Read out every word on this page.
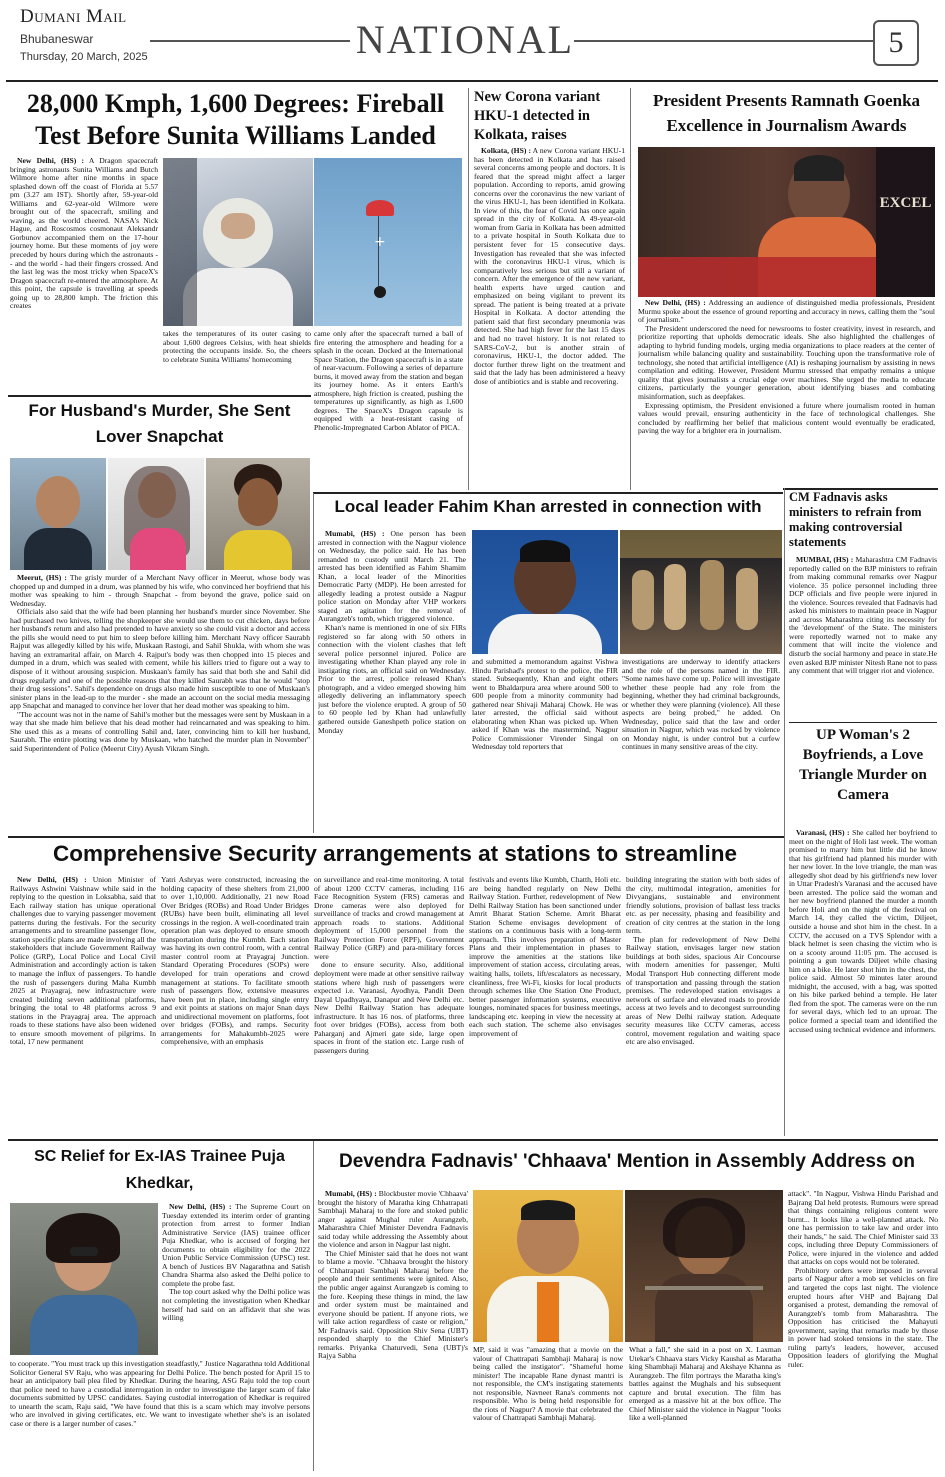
Dumani Mail
Bhubaneswar
Thursday, 20 March, 2025	NATIONAL	5
28,000 Kmph, 1,600 Degrees: Fireball Test Before Sunita Williams Landed

New Delhi, (HS) : A Dragon spacecraft bringing astronauts Sunita Williams and Butch Wilmore home after nine months in space splashed down off the coast of Florida at 5.57 pm (3.27 am IST). Shortly after, 59-year-old Williams and 62-year-old Wilmore were brought out of the spacecraft, smiling and waving, as the world cheered. NASA's Nick Hague, and Roscosmos cosmonaut Aleksandr Gorbunov accompanied them on the 17-hour journey home. But these moments of joy were preceded by hours during which the astronauts -- and the world - had their fingers crossed. And the last leg was the most tricky when SpaceX's Dragon spacecraft re-entered the atmosphere. At this point, the capsule is travelling at speeds going up to 28,800 kmph. The friction this creates

+

takes the temperatures of its outer casing to about 1,600 degrees Celsius, with heat shields protecting the occupants inside. So, the cheers to celebrate Sunita Williams' homecoming

came only after the spacecraft turned a ball of fire entering the atmosphere and heading for a splash in the ocean. Docked at the International Space Station, the Dragon spacecraft is in a state of near-vacuum. Following a series of departure burns, it moved away from the station and began its journey home. As it enters Earth's atmosphere, high friction is created, pushing the temperatures up significantly, as high as 1,600 degrees. The SpaceX's Dragon capsule is equipped with a heat-resistant casing of Phenolic-Impregnated Carbon Ablator of PICA.

For Husband's Murder, She Sent Lover Snapchat

Meerut, (HS) : The grisly murder of a Merchant Navy officer in Meerut, whose body was chopped up and dumped in a drum, was planned by his wife, who convinced her boyfriend that his mother was speaking to him - through Snapchat - from beyond the grave, police said on Wednesday.

Officials also said that the wife had been planning her husband's murder since November. She had purchased two knives, telling the shopkeeper she would use them to cut chicken, days before her husband's return and also had pretended to have anxiety so she could visit a doctor and access the pills she would need to put him to sleep before killing him. Merchant Navy officer Saurabh Rajput was allegedly killed by his wife, Muskaan Rastogi, and Sahil Shukla, with whom she was having an extramarital affair, on March 4. Rajput's body was then chopped into 15 pieces and dumped in a drum, which was sealed with cement, while his killers tried to figure out a way to dispose of it without arousing suspicion. Muskaan's family has said that both she and Sahil did drugs regularly and one of the possible reasons that they killed Saurabh was that he would "stop their drug sessions". Sahil's dependence on drugs also made him susceptible to one of Muskaan's sinister plans in the lead-up to the murder - she made an account on the social media messaging app Snapchat and managed to convince her lover that her dead mother was speaking to him.

"The account was not in the name of Sahil's mother but the messages were sent by Muskaan in a way that she made him believe that his dead mother had reincarnated and was speaking to him. She used this as a means of controlling Sahil and, later, convincing him to kill her husband, Saurabh. The entire plotting was done by Muskaan, who hatched the murder plan in November" said Superintendent of Police (Meerut City) Ayush Vikram Singh.

New Corona variant HKU-1 detected in Kolkata, raises

Kolkata, (HS) : A new Corona variant HKU-1 has been detected in Kolkata and has raised several concerns among people and doctors. It is feared that the spread might affect a larger population. According to reports, amid growing concerns over the coronavirus the new variant of the virus HKU-1, has been identified in Kolkata. In view of this, the fear of Covid has once again spread in the city of Kolkata. A 49-year-old woman from Garia in Kolkata has been admitted to a private hospital in South Kolkata due to persistent fever for 15 consecutive days. Investigation has revealed that she was infected with the coronavirus HKU-1 virus, which is comparatively less serious but still a variant of concern. After the emergence of the new variant, health experts have urged caution and emphasized on being vigilant to prevent its spread. The patient is being treated at a private Hospital in Kolkata. A doctor attending the patient said that first secondary pneumonia was detected. She had high fever for the last 15 days and had no travel history. It is not related to SARS-CoV-2, but is another strain of coronavirus, HKU-1, the doctor added. The doctor further threw light on the treatment and said that the lady has been administered a heavy dose of antibiotics and is stable and recovering.

President Presents Ramnath Goenka
Excellence in Journalism Awards
EXCEL

New Delhi, (HS) : Addressing an audience of distinguished media professionals, President Murmu spoke about the essence of ground reporting and accuracy in news, calling them the "soul of journalism."

The President underscored the need for newsrooms to foster creativity, invest in research, and prioritize reporting that upholds democratic ideals. She also highlighted the challenges of adapting to hybrid funding models, urging media organizations to place readers at the center of journalism while balancing quality and sustainability. Touching upon the transformative role of technology, she noted that artificial intelligence (AI) is reshaping journalism by assisting in news compilation and editing. However, President Murmu stressed that empathy remains a unique quality that gives journalists a crucial edge over machines. She urged the media to educate citizens, particularly the younger generation, about identifying biases and combating misinformation, such as deepfakes.

Expressing optimism, the President envisioned a future where journalism rooted in human values would prevail, ensuring authenticity in the face of technological challenges. She concluded by reaffirming her belief that malicious content would eventually be eradicated, paving the way for a brighter era in journalism.

Local leader Fahim Khan arrested in connection with

Mumabi, (HS) : One person has been arrested in connection with the Nagpur violence on Wednesday, the police said. He has been remanded to custody until March 21. The arrested has been identified as Fahim Shamim Khan, a local leader of the Minorities Democratic Party (MDP). He been arrested for allegedly leading a protest outside a Nagpur police station on Monday after VHP workers staged an agitation for the removal of Aurangzeb's tomb, which triggered violence.

Khan's name is mentioned in one of six FIRs registered so far along with 50 others in connection with the violent clashes that left several police personnel injured. Police are investigating whether Khan played any role in instigating riots, an official said on Wednesday. Prior to the arrest, police released Khan's photograph, and a video emerged showing him allegedly delivering an inflammatory speech just before the violence erupted. A group of 50 to 60 people led by Khan had unlawfully gathered outside Ganeshpeth police station on Monday

and submitted a memorandum against Vishwa Hindu Parishad's protest to the police, the FIR stated. Subsequently, Khan and eight others went to Bhaldarpura area where around 500 to 600 people from a minority community had gathered near Shivaji Maharaj Chowk. He was later arrested, the official said without elaborating when Khan was picked up. When asked if Khan was the mastermind, Nagpur Police Commissioner Virender Singal on Wednesday told reporters that

investigations are underway to identify attackers and the role of the persons named in the FIR. "Some names have come up. Police will investigate whether these people had any role from the beginning, whether they had criminal backgrounds, or whether they were planning (violence). All these aspects are being probed," he added. On Wednesday, police said that the law and order situation in Nagpur, which was rocked by violence on Monday night, is under control but a curfew continues in many sensitive areas of the city.

CM Fadnavis asks ministers to refrain from making controversial statements

MUMBAI, (HS) : Maharashtra CM Fadnavis reportedly called on the BJP ministers to refrain from making communal remarks over Nagpur violence. 35 police personnel including three DCP officials and five people were injured in the violence. Sources revealed that Fadnavis had asked his ministers to maintain peace in Nagpur and across Maharashtra citing its necessity for the 'development' of the State. The ministers were reportedly warned not to make any comment that will incite the violence and disturb the social harmony and peace in state.He even asked BJP minister Nitesh Rane not to pass any comment that will trigger riot and violence.

UP Woman's 2 Boyfriends, a Love Triangle Murder on Camera

Varanasi, (HS) : She called her boyfriend to meet on the night of Holi last week. The woman promised to marry him but little did he know that his girlfriend had planned his murder with her new lover. In the love triangle, the man was allegedly shot dead by his girlfriend's new lover in Uttar Pradesh's Varanasi and the accused have been arrested. The police said the woman and her new boyfriend planned the murder a month before Holi and on the night of the festival on March 14, they called the victim, Diljeet, outside a house and shot him in the chest. In a CCTV, the accused on a TVS Splendor with a black helmet is seen chasing the victim who is on a scooty around 11:05 pm. The accused is pointing a gun towards Diljeet while chasing him on a bike. He later shot him in the chest, the police said. Almost 50 minutes later around midnight, the accused, with a bag, was spotted on his bike parked behind a temple. He later fled from the spot. The cameras were on the run for several days, which led to an uproar. The police formed a special team and identified the accused using technical evidence and informers.

Comprehensive Security arrangements at stations to streamline

New Delhi, (HS) : Union Minister of Railways Ashwini Vaishnaw while said in the replying to the question in Loksabha, said that Each railway station has unique operational challenges due to varying passenger movement patterns during the festivals. For the security arrangements and to streamline passenger flow, station specific plans are made involving all the stakeholders that include Government Railway Police (GRP), Local Police and Local Civil Administration and accordingly action is taken to manage the influx of passengers. To handle the rush of passengers during Maha Kumbh 2025 at Prayagraj, new infrastructure were created building seven additional platforms, bringing the total to 48 platforms across 9 stations in the Prayagraj area. The approach roads to these stations have also been widened to ensure smooth movement of pilgrims. In total, 17 new permanent

Yatri Ashryas were constructed, increasing the holding capacity of these shelters from 21,000 to over 1,10,000. Additionally, 21 new Road Over Bridges (ROBs) and Road Under Bridges (RUBs) have been built, eliminating all level crossings in the region. A well-coordinated train operation plan was deployed to ensure smooth transportation during the Kumbh. Each station was having its own control room, with a central master control room at Prayagraj Junction. Standard Operating Procedures (SOPs) were developed for train operations and crowd management at stations. To facilitate smooth rush of passengers flow, extensive measures have been put in place, including single entry and exit points at stations on major Snan days and unidirectional movement on platforms, foot over bridges (FOBs), and ramps. Security arrangements for Mahakumbh-2025 were comprehensive, with an emphasis

on surveillance and real-time monitoring. A total of about 1200 CCTV cameras, including 116 Face Recognition System (FRS) cameras and Drone cameras were also deployed for surveillance of tracks and crowd management at approach roads to stations. Additional deployment of 15,000 personnel from the Railway Protection Force (RPF), Government Railway Police (GRP) and para-military forces were

done to ensure security. Also, additional deployment were made at other sensitive railway stations where high rush of passengers were expected i.e. Varanasi, Ayodhya, Pandit Deen Dayal Upadhyaya, Danapur and New Delhi etc. New Delhi Railway Station has adequate infrastructure. It has 16 nos. of platforms, three foot over bridges (FOBs), access from both Paharganj and Ajmeri gate side, large open spaces in front of the station etc. Large rush of passengers during

festivals and events like Kumbh, Chatth, Holi etc. are being handled regularly on New Delhi Railway Station. Further, redevelopment of New Delhi Railway Station has been sanctioned under Amrit Bharat Station Scheme. Amrit Bharat Station Scheme envisages development of stations on a continuous basis with a long-term approach. This involves preparation of Master Plans and their implementation in phases to improve the amenities at the stations like improvement of station access, circulating areas, waiting halls, toilets, lift/escalators as necessary, cleanliness, free Wi-Fi, kiosks for local products through schemes like One Station One Product, better passenger information systems, executive lounges, nominated spaces for business meetings, landscaping etc. keeping in view the necessity at each such station. The scheme also envisages improvement of

building integrating the station with both sides of the city, multimodal integration, amenities for Divyangjans, sustainable and environment friendly solutions, provision of ballast less tracks etc. as per necessity, phasing and feasibility and creation of city centres at the station in the long term.

The plan for redevelopment of New Delhi Railway station, envisages larger new station buildings at both sides, spacious Air Concourse with modern amenities for passenger, Multi Modal Transport Hub connecting different mode of transportation and passing through the station premises. The redeveloped station envisages a network of surface and elevated roads to provide access at two levels and to decongest surrounding areas of New Delhi railway station. Adequate security measures like CCTV cameras, access control, movement regulation and waiting space etc are also envisaged.

SC Relief for Ex-IAS Trainee Puja Khedkar,

New Delhi, (HS) : The Supreme Court on Tuesday extended its interim order of granting protection from arrest to former Indian Administrative Service (IAS) trainee officer Puja Khedkar, who is accused of forging her documents to obtain eligibility for the 2022 Union Public Service Commission (UPSC) test. A bench of Justices BV Nagarathna and Satish Chandra Sharma also asked the Delhi police to complete the probe fast.

The top court asked why the Delhi police was not completing the investigation when Khedkar herself had said on an affidavit that she was willing

to cooperate. "You must track up this investigation steadfastly," Justice Nagarathna told Additional Solicitor General SV Raju, who was appearing for Delhi Police. The bench posted for April 15 to hear an anticipatory bail plea filed by Khedkar. During the hearing, ASG Raju told the top court that police need to have a custodial interrogation in order to investigate the larger scam of fake documents submitted by UPSC candidates. Saying custodial interrogation of Khedkar is required to unearth the scam, Raju said, "We have found that this is a scam which may involve persons who are involved in giving certificates, etc. We want to investigate whether she's is an isolated case or there is a larger number of cases."

Devendra Fadnavis' 'Chhaava' Mention in Assembly Address on

Mumabi, (HS) : Blockbuster movie 'Chhaava' brought the history of Maratha king Chhatrapati Sambhaji Maharaj to the fore and stoked public anger against Mughal ruler Aurangzeb, Maharashtra Chief Minister Devendra Fadnavis said today while addressing the Assembly about the violence and arson in Nagpur last night.

The Chief Minister said that he does not want to blame a movie. "Chhaava brought the history of Chhatrapati Sambhaji Maharaj before the people and their sentiments were ignited. Also, the public anger against Aurangzeb is coming to the fore. Keeping these things in mind, the law and order system must be maintained and everyone should be patient. If anyone riots, we will take action regardless of caste or religion," Mr Fadnavis said. Opposition Shiv Sena (UBT) responded sharply to the Chief Minister's remarks. Priyanka Chaturvedi, Sena (UBT)'s Rajya Sabha

MP, said it was "amazing that a movie on the valour of Chattrapati Sambhaji Maharaj is now being called the instigator". "Shameful home minister! The incapable Rane dynast mantri is not responsible, the CM's instigating statements not responsible, Navneet Rana's comments not responsible. Who is being held responsible for the riots of Nagpur? A movie that celebrated the valour of Chattrapati Sambhaji Maharaj.

What a fall," she said in a post on X. Laxman Utekar's Chhaava stars Vicky Kaushal as Maratha king Shambhaji Maharaj and Akshaye Khanna as Aurangzeb. The film portrays the Maratha king's battles against the Mughals and his subsequent capture and brutal execution. The film has emerged as a massive hit at the box office. The Chief Minister said the violence in Nagpur "looks like a well-planned

attack". "In Nagpur, Vishwa Hindu Parishad and Bajrang Dal held protests. Rumours were spread that things containing religious content were burnt... It looks like a well-planned attack. No one has permission to take law and order into their hands," he said. The Chief Minister said 33 cops, including three Deputy Commissioners of Police, were injured in the violence and added that attacks on cops would not be tolerated.

Prohibitory orders were imposed in several parts of Nagpur after a mob set vehicles on fire and targeted the cops last night. The violence erupted hours after VHP and Bajrang Dal organised a protest, demanding the removal of Aurangzeb's tomb from Maharashtra. The Opposition has criticised the Mahayuti government, saying that remarks made by those in power had stoked tensions in the state. The ruling party's leaders, however, accused Opposition leaders of glorifying the Mughal ruler.
